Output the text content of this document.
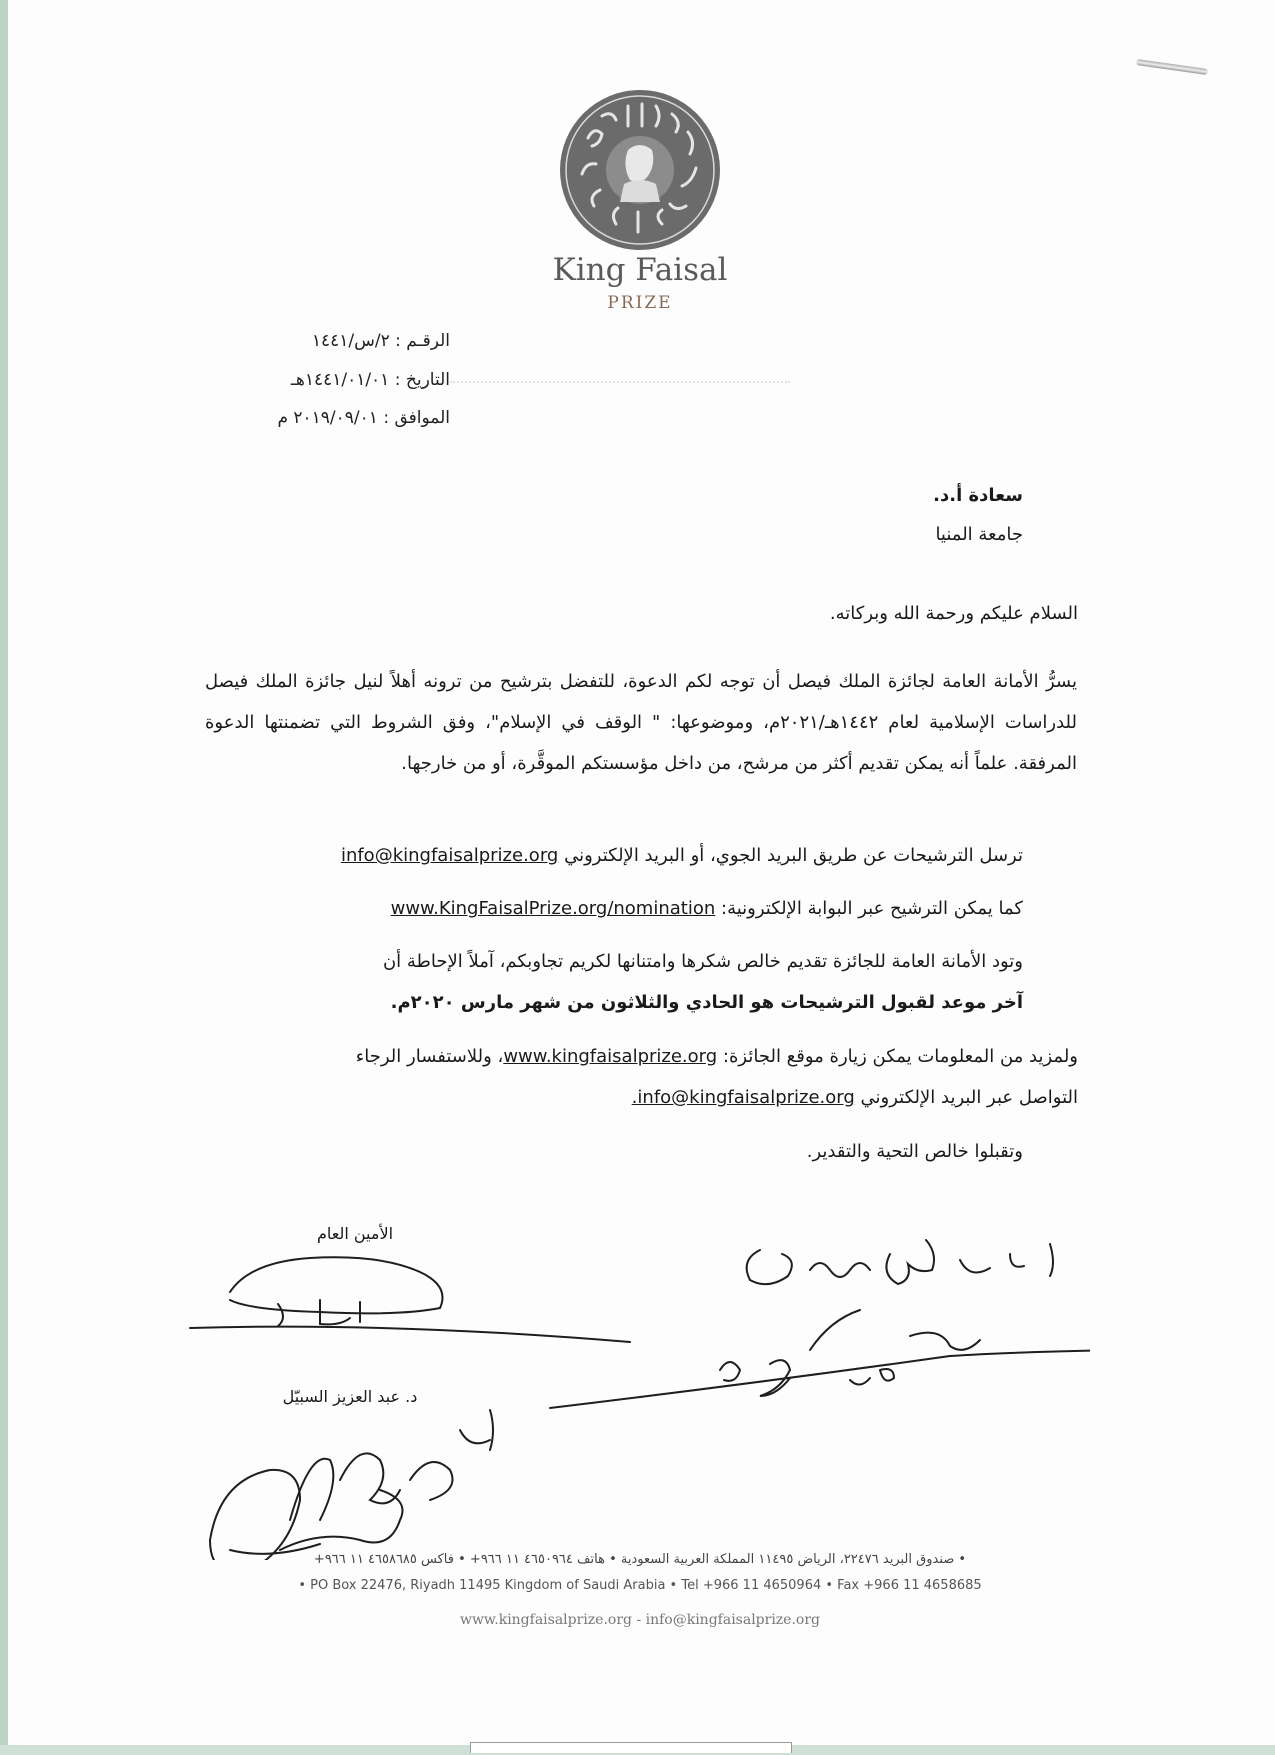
King Faisal
PRIZE
الرقـم : ٢/س/١٤٤١
التاريخ : ١٤٤١/٠١/٠١هـ
الموافق : ٢٠١٩/٠٩/٠١ م
سعادة أ.د.
جامعة المنيا
السلام عليكم ورحمة الله وبركاته.
يسرُّ الأمانة العامة لجائزة الملك فيصل أن توجه لكم الدعوة، للتفضل بترشيح من ترونه أهلاً لنيل جائزة الملك فيصل للدراسات الإسلامية لعام ١٤٤٢هـ/٢٠٢١م، وموضوعها: " الوقف في الإسلام"، وفق الشروط التي تضمنتها الدعوة المرفقة. علماً أنه يمكن تقديم أكثر من مرشح، من داخل مؤسستكم الموقَّرة، أو من خارجها.
ترسل الترشيحات عن طريق البريد الجوي، أو البريد الإلكتروني info@kingfaisalprize.org
كما يمكن الترشيح عبر البوابة الإلكترونية: www.KingFaisalPrize.org/nomination
وتود الأمانة العامة للجائزة تقديم خالص شكرها وامتنانها لكريم تجاوبكم، آملاً الإحاطة أن
آخر موعد لقبول الترشيحات هو الحادي والثلاثون من شهر مارس ٢٠٢٠م.
ولمزيد من المعلومات يمكن زيارة موقع الجائزة: www.kingfaisalprize.org، وللاستفسار الرجاء
التواصل عبر البريد الإلكتروني info@kingfaisalprize.org.
وتقبلوا خالص التحية والتقدير.
الأمين العام
د. عبد العزيز السبيّل
• صندوق البريد ٢٢٤٧٦، الرياض ١١٤٩٥ المملكة العربية السعودية • هاتف ٤٦٥٠٩٦٤ ١١ ٩٦٦+ • فاكس ٤٦٥٨٦٨٥ ١١ ٩٦٦+
• PO Box 22476, Riyadh 11495 Kingdom of Saudi Arabia • Tel +966 11 4650964 • Fax +966 11 4658685
www.kingfaisalprize.org - info@kingfaisalprize.org
